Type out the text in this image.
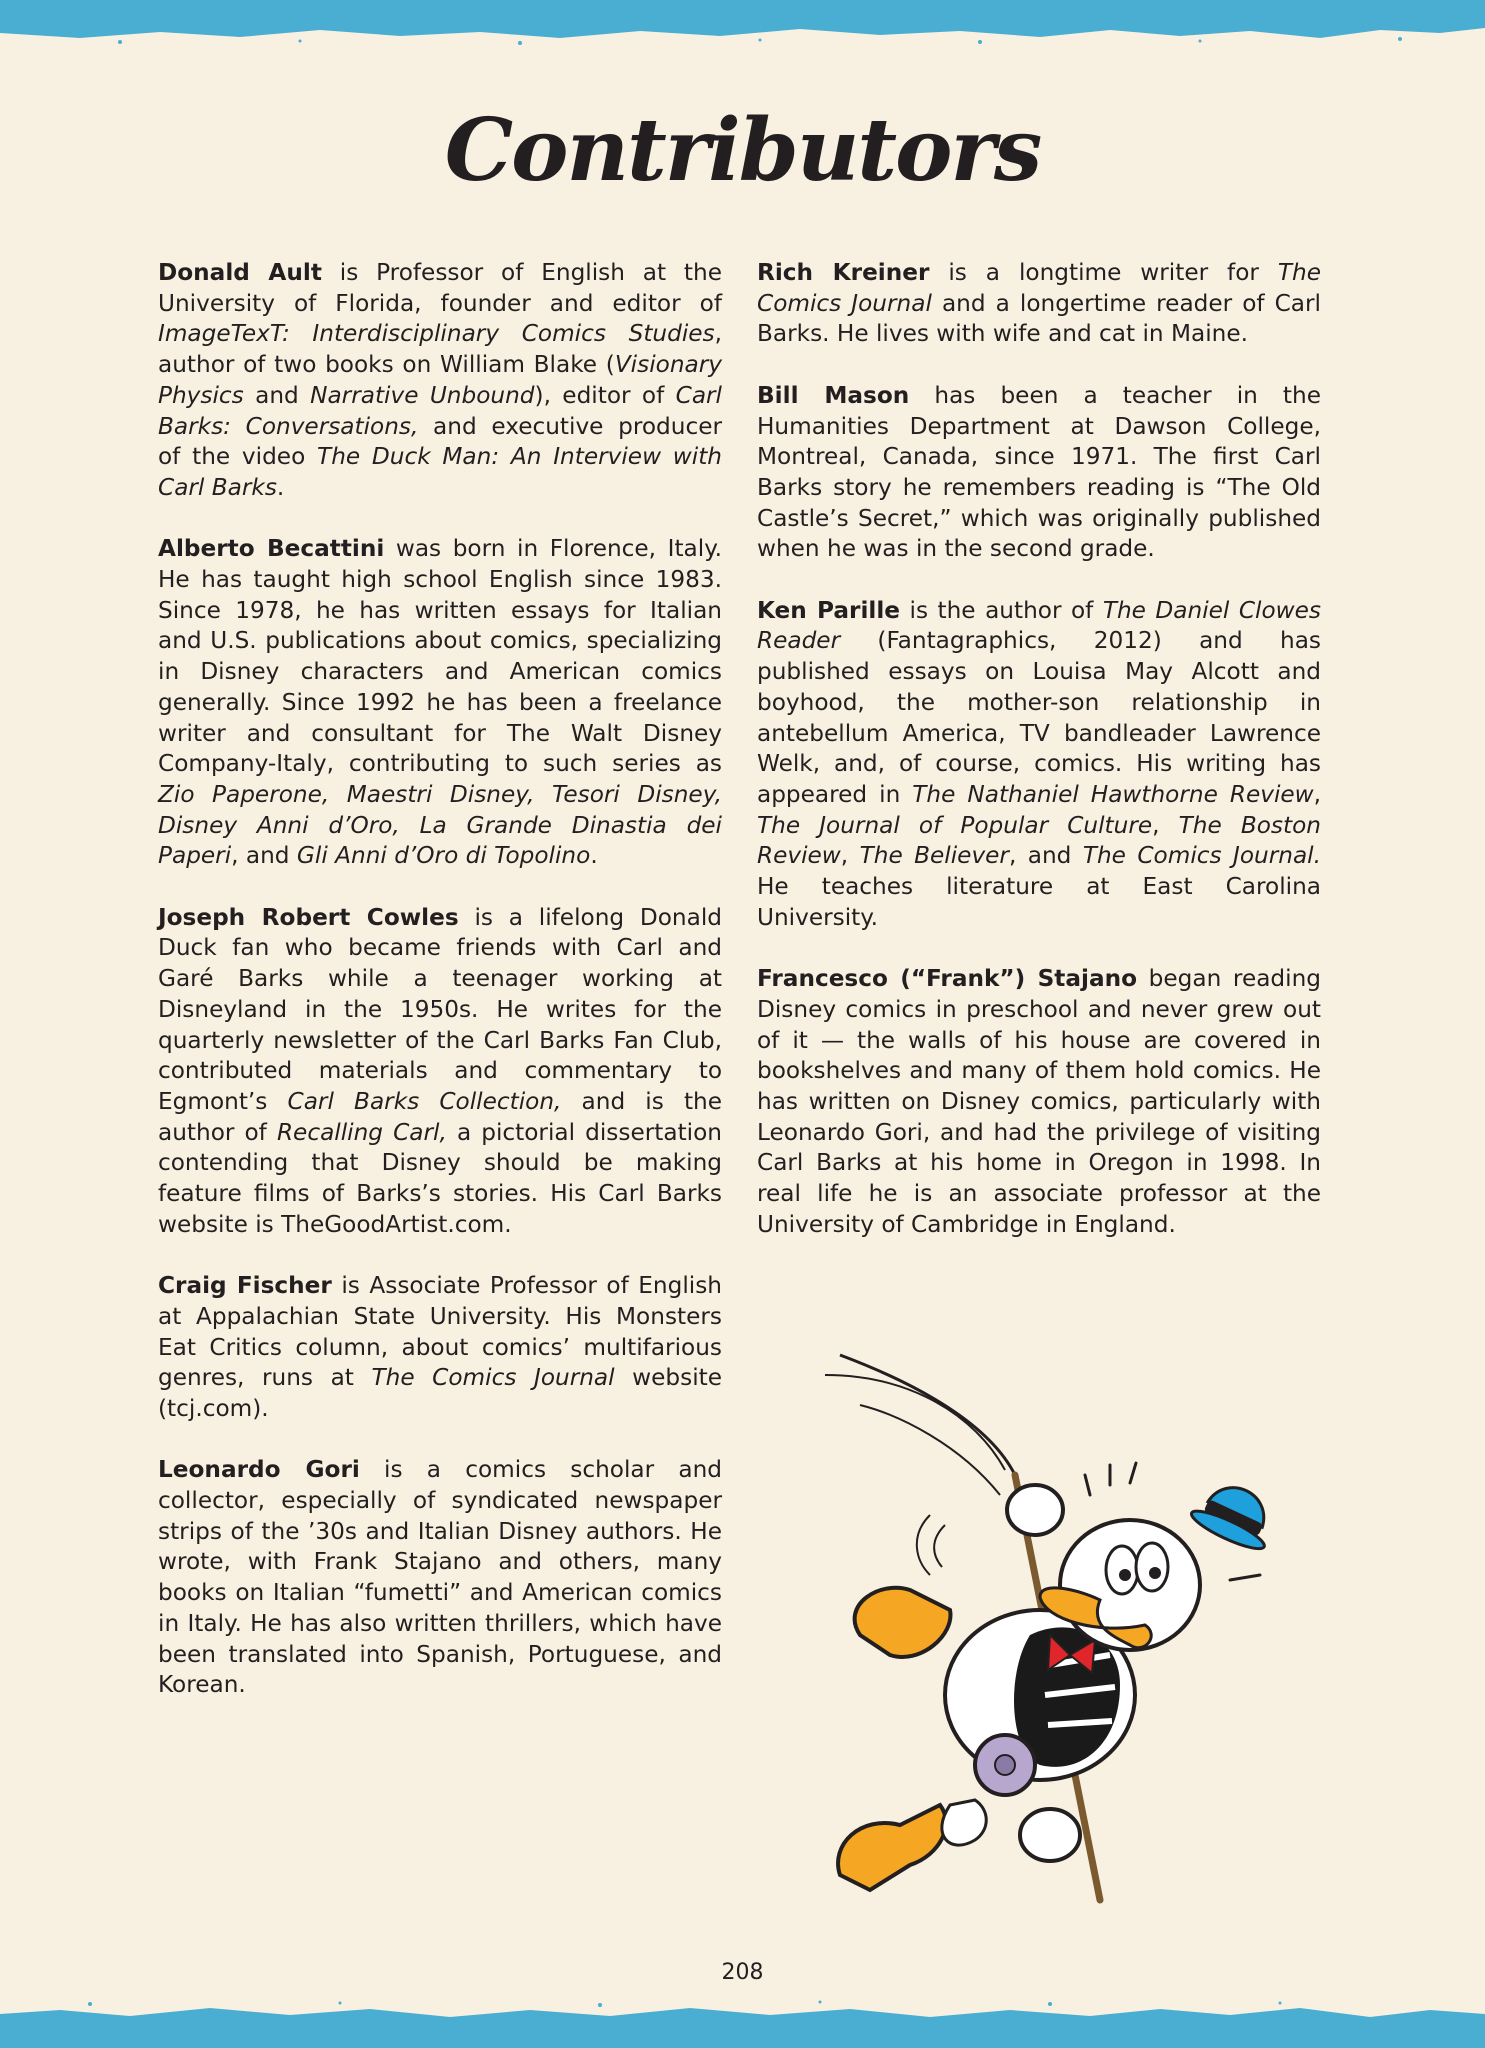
Contributors

Donald Ault is Professor of English at the University of Florida, founder and editor of ImageTexT: Interdisciplinary Comics Studies, author of two books on William Blake (Visionary Physics and Narrative Unbound), editor of Carl Barks: Conversations, and executive producer of the video The Duck Man: An Interview with Carl Barks.

Alberto Becattini was born in Florence, Italy. He has taught high school English since 1983. Since 1978, he has written essays for Italian and U.S. publications about comics, specializing in Disney characters and American comics generally. Since 1992 he has been a freelance writer and consultant for The Walt Disney Company-Italy, contributing to such series as Zio Paperone, Maestri Disney, Tesori Disney, Disney Anni d’Oro, La Grande Dinastia dei Paperi, and Gli Anni d’Oro di Topolino.

Joseph Robert Cowles is a lifelong Donald Duck fan who became friends with Carl and Garé Barks while a teenager working at Disneyland in the 1950s. He writes for the quarterly newsletter of the Carl Barks Fan Club, contributed materials and commentary to Egmont’s Carl Barks Collection, and is the author of Recalling Carl, a pictorial dissertation contending that Disney should be making feature films of Barks’s stories. His Carl Barks website is TheGoodArtist.com.

Craig Fischer is Associate Professor of English at Appalachian State University. His Monsters Eat Critics column, about comics’ multifarious genres, runs at The Comics Journal website (tcj.com).

Leonardo Gori is a comics scholar and collector, especially of syndicated newspaper strips of the ’30s and Italian Disney authors. He wrote, with Frank Stajano and others, many books on Italian “fumetti” and American comics in Italy. He has also written thrillers, which have been translated into Spanish, Portuguese, and Korean.

Rich Kreiner is a longtime writer for The Comics Journal and a longertime reader of Carl Barks. He lives with wife and cat in Maine.

Bill Mason has been a teacher in the Humanities Department at Dawson College, Montreal, Canada, since 1971. The first Carl Barks story he remembers reading is “The Old Castle’s Secret,” which was originally published when he was in the second grade.

Ken Parille is the author of The Daniel Clowes Reader (Fantagraphics, 2012) and has published essays on Louisa May Alcott and boyhood, the mother-son relationship in antebellum America, TV bandleader Lawrence Welk, and, of course, comics. His writing has appeared in The Nathaniel Hawthorne Review, The Journal of Popular Culture, The Boston Review, The Believer, and The Comics Journal. He teaches literature at East Carolina University.

Francesco (“Frank”) Stajano began reading Disney comics in preschool and never grew out of it — the walls of his house are covered in bookshelves and many of them hold comics. He has written on Disney comics, particularly with Leonardo Gori, and had the privilege of visiting Carl Barks at his home in Oregon in 1998. In real life he is an associate professor at the University of Cambridge in England.

208
